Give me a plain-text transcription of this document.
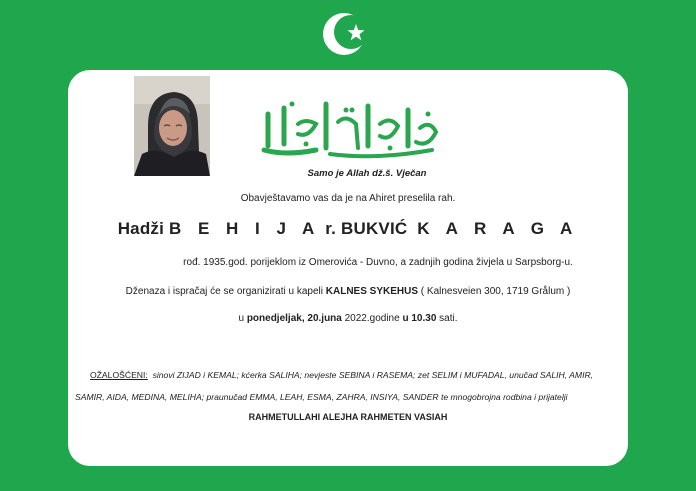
Samo je Allah dž.š. Vječan
Obavještavamo vas da je na Ahiret preselila rah.
Hadži B E H I J A r. BUKVIĆ K A R A G A
rođ. 1935.god. porijeklom iz Omerovića - Duvno, a zadnjih godina živjela u Sarpsborg-u.
Dženaza i ispračaj će se organizirati u kapeli KALNES SYKEHUS ( Kalnesveien 300, 1719 Grålum )
u ponedjeljak, 20.juna 2022.godine u 10.30 sati.
OŽALOŠĆENI: sinovi ZIJAD i KEMAL; kćerka SALIHA; nevjeste SEBINA i RASEMA; zet SELIM i MUFADAL, unučad SALIH, AMIR,
SAMIR, AIDA, MEDINA, MELIHA; praunučad EMMA, LEAH, ESMA, ZAHRA, INSIYA, SANDER te mnogobrojna rodbina i prijatelji
RAHMETULLAHI ALEJHA RAHMETEN VASIAH
